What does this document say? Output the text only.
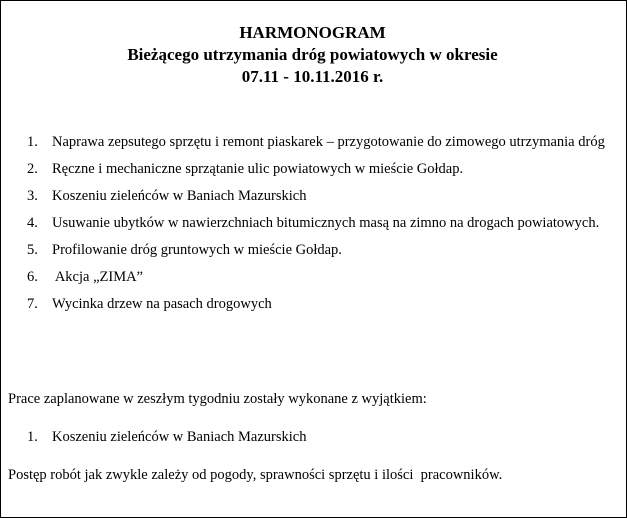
HARMONOGRAM
Bieżącego utrzymania dróg powiatowych w okresie
07.11 - 10.11.2016 r.
1. Naprawa zepsutego sprzętu i remont piaskarek – przygotowanie do zimowego utrzymania dróg
2. Ręczne i mechaniczne sprzątanie ulic powiatowych w mieście Gołdap.
3. Koszeniu zieleńców w Baniach Mazurskich
4. Usuwanie ubytków w nawierzchniach bitumicznych masą na zimno na drogach powiatowych.
5. Profilowanie dróg gruntowych w mieście Gołdap.
6. Akcja „ZIMA”
7. Wycinka drzew na pasach drogowych
Prace zaplanowane w zeszłym tygodniu zostały wykonane z wyjątkiem:
1. Koszeniu zieleńców w Baniach Mazurskich
Postęp robót jak zwykle zależy od pogody, sprawności sprzętu i ilości  pracowników.
